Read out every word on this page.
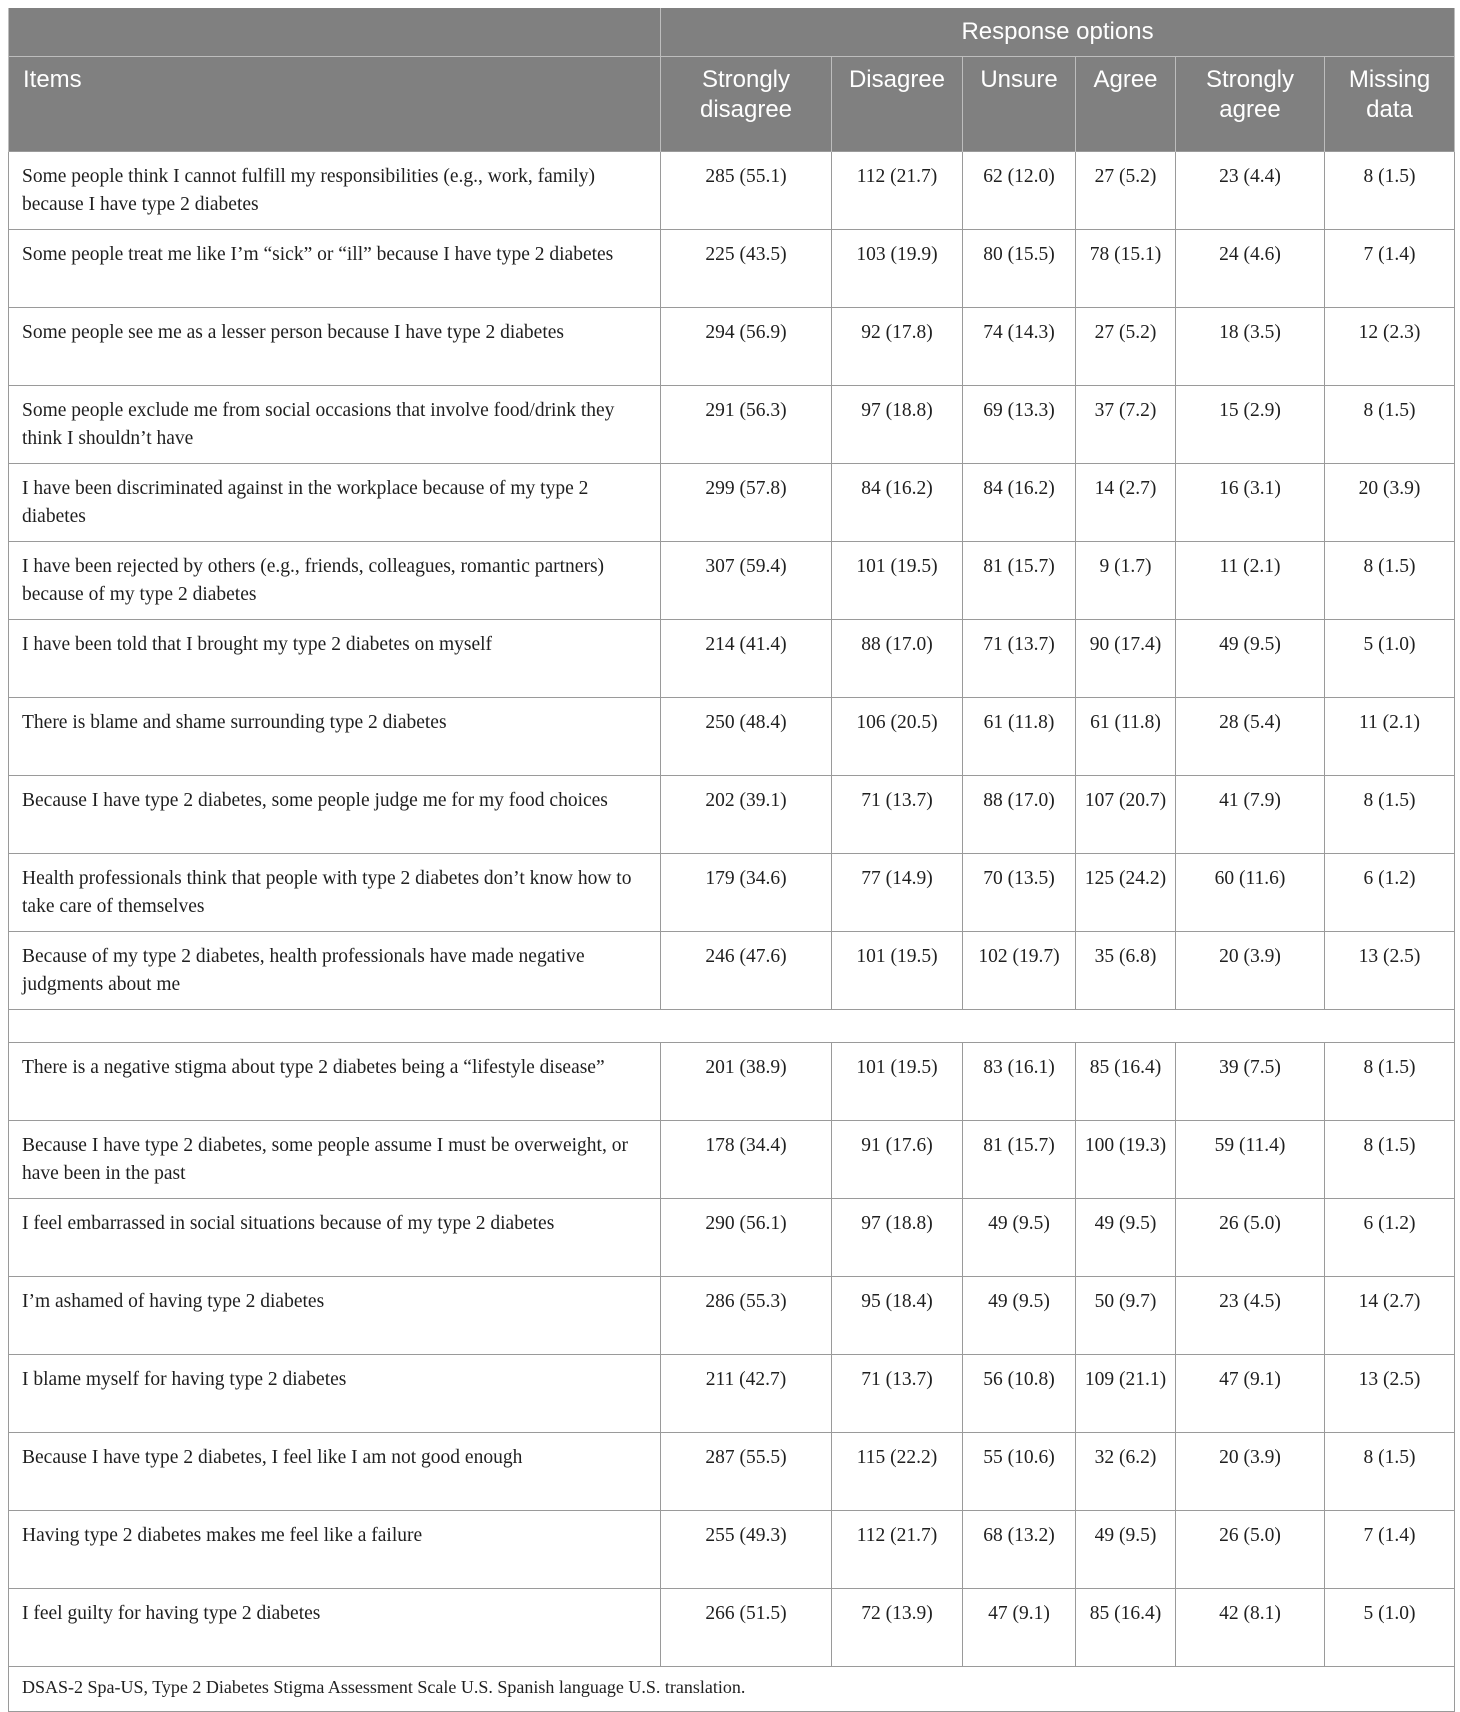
	Response options					
Items	Strongly disagree	Disagree	Unsure	Agree	Strongly agree	Missing data
Some people think I cannot fulfill my responsibilities (e.g., work, family) because I have type 2 diabetes	285 (55.1)	112 (21.7)	62 (12.0)	27 (5.2)	23 (4.4)	8 (1.5)
Some people treat me like I’m “sick” or “ill” because I have type 2 diabetes	225 (43.5)	103 (19.9)	80 (15.5)	78 (15.1)	24 (4.6)	7 (1.4)
Some people see me as a lesser person because I have type 2 diabetes	294 (56.9)	92 (17.8)	74 (14.3)	27 (5.2)	18 (3.5)	12 (2.3)
Some people exclude me from social occasions that involve food/drink they think I shouldn’t have	291 (56.3)	97 (18.8)	69 (13.3)	37 (7.2)	15 (2.9)	8 (1.5)
I have been discriminated against in the workplace because of my type 2 diabetes	299 (57.8)	84 (16.2)	84 (16.2)	14 (2.7)	16 (3.1)	20 (3.9)
I have been rejected by others (e.g., friends, colleagues, romantic partners) because of my type 2 diabetes	307 (59.4)	101 (19.5)	81 (15.7)	9 (1.7)	11 (2.1)	8 (1.5)
I have been told that I brought my type 2 diabetes on myself	214 (41.4)	88 (17.0)	71 (13.7)	90 (17.4)	49 (9.5)	5 (1.0)
There is blame and shame surrounding type 2 diabetes	250 (48.4)	106 (20.5)	61 (11.8)	61 (11.8)	28 (5.4)	11 (2.1)
Because I have type 2 diabetes, some people judge me for my food choices	202 (39.1)	71 (13.7)	88 (17.0)	107 (20.7)	41 (7.9)	8 (1.5)
Health professionals think that people with type 2 diabetes don’t know how to take care of themselves	179 (34.6)	77 (14.9)	70 (13.5)	125 (24.2)	60 (11.6)	6 (1.2)
Because of my type 2 diabetes, health professionals have made negative judgments about me	246 (47.6)	101 (19.5)	102 (19.7)	35 (6.8)	20 (3.9)	13 (2.5)

There is a negative stigma about type 2 diabetes being a “lifestyle disease”	201 (38.9)	101 (19.5)	83 (16.1)	85 (16.4)	39 (7.5)	8 (1.5)
Because I have type 2 diabetes, some people assume I must be overweight, or have been in the past	178 (34.4)	91 (17.6)	81 (15.7)	100 (19.3)	59 (11.4)	8 (1.5)
I feel embarrassed in social situations because of my type 2 diabetes	290 (56.1)	97 (18.8)	49 (9.5)	49 (9.5)	26 (5.0)	6 (1.2)
I’m ashamed of having type 2 diabetes	286 (55.3)	95 (18.4)	49 (9.5)	50 (9.7)	23 (4.5)	14 (2.7)
I blame myself for having type 2 diabetes	211 (42.7)	71 (13.7)	56 (10.8)	109 (21.1)	47 (9.1)	13 (2.5)
Because I have type 2 diabetes, I feel like I am not good enough	287 (55.5)	115 (22.2)	55 (10.6)	32 (6.2)	20 (3.9)	8 (1.5)
Having type 2 diabetes makes me feel like a failure	255 (49.3)	112 (21.7)	68 (13.2)	49 (9.5)	26 (5.0)	7 (1.4)
I feel guilty for having type 2 diabetes	266 (51.5)	72 (13.9)	47 (9.1)	85 (16.4)	42 (8.1)	5 (1.0)
DSAS-2 Spa-US, Type 2 Diabetes Stigma Assessment Scale U.S. Spanish language U.S. translation.						
